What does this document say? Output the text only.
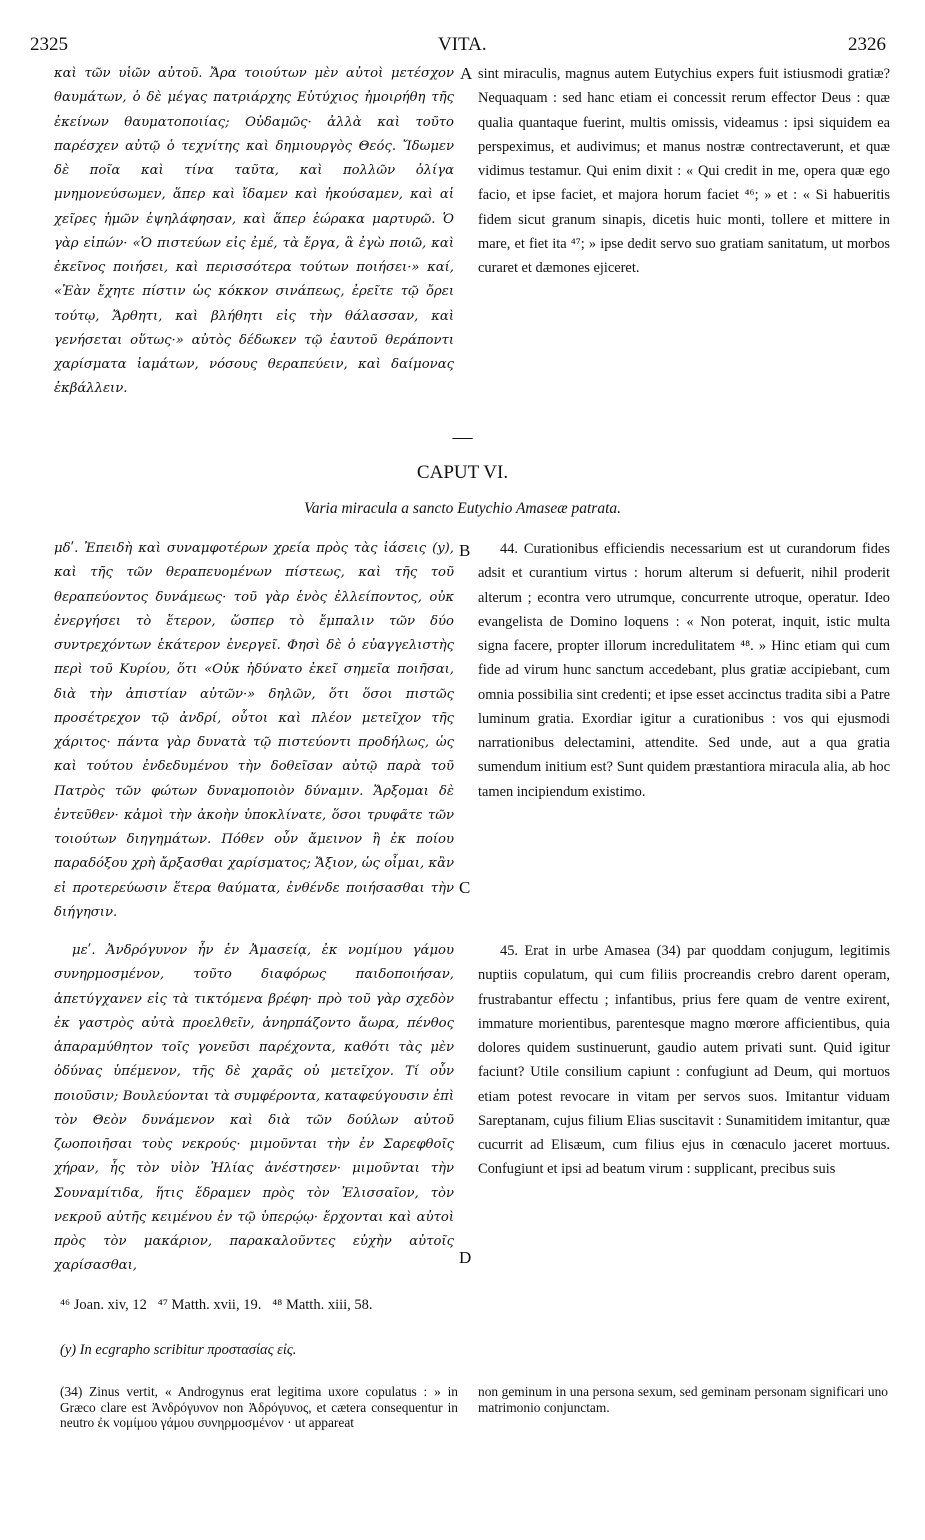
2325	VITA.	2326

καὶ τῶν υἱῶν αὐτοῦ. Ἄρα τοιούτων μὲν αὐτοὶ μετέσχον θαυμάτων, ὁ δὲ μέγας πατριάρχης Εὐτύχιος ἠμοιρήθη τῆς ἐκείνων θαυματοποιίας; Οὐδαμῶς· ἀλλὰ καὶ τοῦτο παρέσχεν αὐτῷ ὁ τεχνίτης καὶ δημιουργὸς Θεός. Ἴδωμεν δὲ ποῖα καὶ τίνα ταῦτα, καὶ πολλῶν ὀλίγα μνημονεύσωμεν, ἅπερ καὶ ἴδαμεν καὶ ἠκούσαμεν, καὶ αἱ χεῖρες ἡμῶν ἐψηλάφησαν, καὶ ἅπερ ἑώρακα μαρτυρῶ. Ὁ γὰρ εἰπών· «Ὁ πιστεύων εἰς ἐμέ, τὰ ἔργα, ἃ ἐγὼ ποιῶ, καὶ ἐκεῖνος ποιήσει, καὶ περισσότερα τούτων ποιήσει·» καί, «Ἐὰν ἔχητε πίστιν ὡς κόκκον σινάπεως, ἐρεῖτε τῷ ὄρει τούτῳ, Ἄρθητι, καὶ βλήθητι εἰς τὴν θάλασσαν, καὶ γενήσεται οὕτως·» αὐτὸς δέδωκεν τῷ ἑαυτοῦ θεράποντι χαρίσματα ἰαμάτων, νόσους θεραπεύειν, καὶ δαίμονας ἐκβάλλειν.

A sint miraculis, magnus autem Eutychius expers fuit istiusmodi gratiæ? Nequaquam : sed hanc etiam ei concessit rerum effector Deus : quæ qualia quantaque fuerint, multis omissis, videamus : ipsi siquidem ea perspeximus, et audivimus; et manus nostræ contrectaverunt, et quæ vidimus testamur. Qui enim dixit : « Qui credit in me, opera quæ ego facio, et ipse faciet, et majora horum faciet ⁴⁶; » et : « Si habueritis fidem sicut granum sinapis, dicetis huic monti, tollere et mittere in mare, et fiet ita ⁴⁷; » ipse dedit servo suo gratiam sanitatum, ut morbos curaret et dæmones ejiceret.

—
CAPUT VI.
Varia miracula a sancto Eutychio Amaseæ patrata.

μδʹ. Ἐπειδὴ καὶ συναμφοτέρων χρεία πρὸς τὰς ἰάσεις (y), καὶ τῆς τῶν θεραπευομένων πίστεως, καὶ τῆς τοῦ θεραπεύοντος δυνάμεως· τοῦ γὰρ ἑνὸς ἐλλείποντος, οὐκ ἐνεργήσει τὸ ἕτερον, ὥσπερ τὸ ἔμπαλιν τῶν δύο συντρεχόντων ἑκάτερον ἐνεργεῖ. Φησὶ δὲ ὁ εὐαγγελιστὴς περὶ τοῦ Κυρίου, ὅτι «Οὐκ ἠδύνατο ἐκεῖ σημεῖα ποιῆσαι, διὰ τὴν ἀπιστίαν αὐτῶν·» δηλῶν, ὅτι ὅσοι πιστῶς προσέτρεχον τῷ ἀνδρί, οὗτοι καὶ πλέον μετεῖχον τῆς χάριτος· πάντα γὰρ δυνατὰ τῷ πιστεύοντι προδήλως, ὡς καὶ τούτου ἐνδεδυμένου τὴν δοθεῖσαν αὐτῷ παρὰ τοῦ Πατρὸς τῶν φώτων δυναμοποιὸν δύναμιν. Ἄρξομαι δὲ ἐντεῦθεν· κἀμοὶ τὴν ἀκοὴν ὑποκλίνατε, ὅσοι τρυφᾶτε τῶν τοιούτων διηγημάτων. Πόθεν οὖν ἄμεινον ἢ ἐκ ποίου παραδόξου χρὴ ἄρξασθαι χαρίσματος; Ἄξιον, ὡς οἶμαι, κἂν εἰ προτερεύωσιν ἕτερα θαύματα, ἐνθένδε ποιήσασθαι τὴν διήγησιν.

B
C

44. Curationibus efficiendis necessarium est ut curandorum fides adsit et curantium virtus : horum alterum si defuerit, nihil proderit alterum ; econtra vero utrumque, concurrente utroque, operatur. Ideo evangelista de Domino loquens : « Non poterat, inquit, istic multa signa facere, propter illorum incredulitatem ⁴⁸. » Hinc etiam qui cum fide ad virum hunc sanctum accedebant, plus gratiæ accipiebant, cum omnia possibilia sint credenti; et ipse esset accinctus tradita sibi a Patre luminum gratia. Exordiar igitur a curationibus : vos qui ejusmodi narrationibus delectamini, attendite. Sed unde, aut a qua gratia sumendum initium est? Sunt quidem præstantiora miracula alia, ab hoc tamen incipiendum existimo.

μεʹ. Ἀνδρόγυνον ἦν ἐν Ἀμασείᾳ, ἐκ νομίμου γάμου συνηρμοσμένον, τοῦτο διαφόρως παιδοποιήσαν, ἀπετύγχανεν εἰς τὰ τικτόμενα βρέφη· πρὸ τοῦ γὰρ σχεδὸν ἐκ γαστρὸς αὐτὰ προελθεῖν, ἀνηρπάζοντο ἄωρα, πένθος ἀπαραμύθητον τοῖς γονεῦσι παρέχοντα, καθότι τὰς μὲν ὀδύνας ὑπέμενον, τῆς δὲ χαρᾶς οὐ μετεῖχον. Τί οὖν ποιοῦσιν; Βουλεύονται τὰ συμφέροντα, καταφεύγουσιν ἐπὶ τὸν Θεὸν δυνάμενον καὶ διὰ τῶν δούλων αὐτοῦ ζωοποιῆσαι τοὺς νεκρούς· μιμοῦνται τὴν ἐν Σαρεφθοῖς χήραν, ἧς τὸν υἱὸν Ἠλίας ἀνέστησεν· μιμοῦνται τὴν Σουναμίτιδα, ἥτις ἔδραμεν πρὸς τὸν Ἐλισσαῖον, τὸν νεκροῦ αὐτῆς κειμένου ἐν τῷ ὑπερῴῳ· ἔρχονται καὶ αὐτοὶ πρὸς τὸν μακάριον, παρακαλοῦντες εὐχὴν αὐτοῖς χαρίσασθαι,	D

45. Erat in urbe Amasea (34) par quoddam conjugum, legitimis nuptiis copulatum, qui cum filiis procreandis crebro darent operam, frustrabantur effectu ; infantibus, prius fere quam de ventre exirent, immature morientibus, parentesque magno mœrore afficientibus, quia dolores quidem sustinuerunt, gaudio autem privati sunt. Quid igitur faciunt? Utile consilium capiunt : confugiunt ad Deum, qui mortuos etiam potest revocare in vitam per servos suos. Imitantur viduam Sareptanam, cujus filium Elias suscitavit : Sunamitidem imitantur, quæ cucurrit ad Elisæum, cum filius ejus in cœnaculo jaceret mortuus. Confugiunt et ipsi ad beatum virum : supplicant, precibus suis

⁴⁶ Joan. xiv, 12   ⁴⁷ Matth. xvii, 19.   ⁴⁸ Matth. xiii, 58.
(y) In ecgrapho scribitur προστασίας εἰς.
(34) Zinus vertit, « Androgynus erat legitima uxore copulatus : » in Græco clare est Ἀνδρόγυνον non Ἀδρόγυνος, et cætera consequentur in neutro ἐκ νομίμου γάμου συνηρμοσμένον · ut appareat
non geminum in una persona sexum, sed geminam personam significari uno matrimonio conjunctam.
